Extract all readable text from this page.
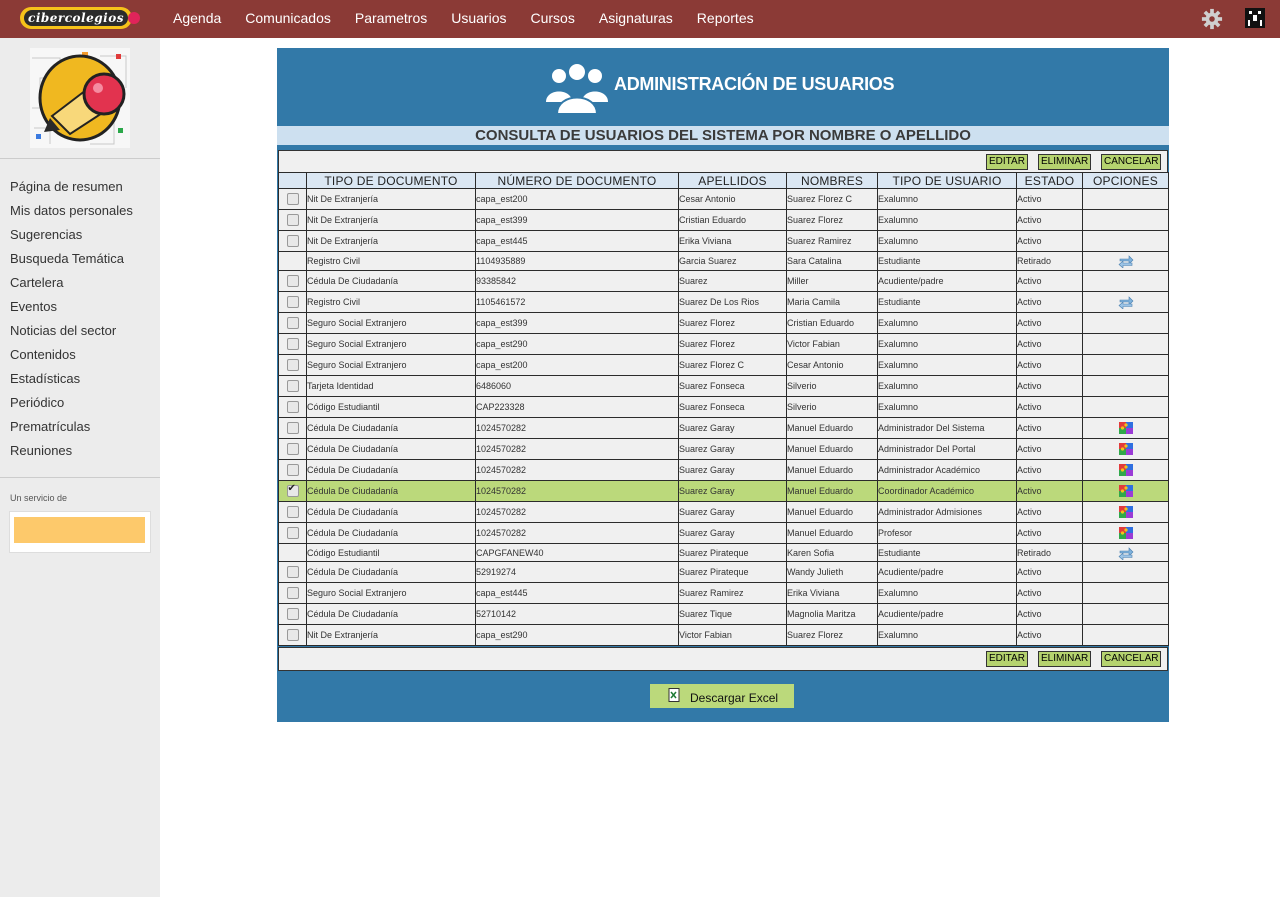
cibercolegios	Agenda	Comunicados	Parametros	Usuarios	Cursos	Asignaturas	Reportes
Página de resumen
Mis datos personales
Sugerencias
Busqueda Temática
Cartelera
Eventos
Noticias del sector
Contenidos
Estadísticas
Periódico
Prematrículas
Reuniones
Un servicio de
ADMINISTRACIÓN DE USUARIOS
CONSULTA DE USUARIOS DEL SISTEMA POR NOMBRE O APELLIDO
EDITAR	ELIMINAR	CANCELAR
	TIPO DE DOCUMENTO	NÚMERO DE DOCUMENTO	APELLIDOS	NOMBRES	TIPO DE USUARIO	ESTADO	OPCIONES

	Nit De Extranjería	capa_est200	Cesar Antonio	Suarez Florez C	Exalumno	Activo	

	Nit De Extranjería	capa_est399	Cristian Eduardo	Suarez Florez	Exalumno	Activo	

	Nit De Extranjería	capa_est445	Erika Viviana	Suarez Ramirez	Exalumno	Activo	
	Registro Civil	1104935889	Garcia Suarez	Sara Catalina	Estudiante	Retirado	

	Cédula De Ciudadanía	93385842	Suarez	Miller	Acudiente/padre	Activo	

	Registro Civil	1105461572	Suarez De Los Rios	Maria Camila	Estudiante	Activo	

	Seguro Social Extranjero	capa_est399	Suarez Florez	Cristian Eduardo	Exalumno	Activo	

	Seguro Social Extranjero	capa_est290	Suarez Florez	Victor Fabian	Exalumno	Activo	

	Seguro Social Extranjero	capa_est200	Suarez Florez C	Cesar Antonio	Exalumno	Activo	

	Tarjeta Identidad	6486060	Suarez Fonseca	Silverio	Exalumno	Activo	

	Código Estudiantil	CAP223328	Suarez Fonseca	Silverio	Exalumno	Activo	

	Cédula De Ciudadanía	1024570282	Suarez Garay	Manuel Eduardo	Administrador Del Sistema	Activo	

	Cédula De Ciudadanía	1024570282	Suarez Garay	Manuel Eduardo	Administrador Del Portal	Activo	

	Cédula De Ciudadanía	1024570282	Suarez Garay	Manuel Eduardo	Administrador Académico	Activo	

✔
	Cédula De Ciudadanía	1024570282	Suarez Garay	Manuel Eduardo	Coordinador Académico	Activo	

	Cédula De Ciudadanía	1024570282	Suarez Garay	Manuel Eduardo	Administrador Admisiones	Activo	

	Cédula De Ciudadanía	1024570282	Suarez Garay	Manuel Eduardo	Profesor	Activo	

	Código Estudiantil	CAPGFANEW40	Suarez Pirateque	Karen Sofia	Estudiante	Retirado	

	Cédula De Ciudadanía	52919274	Suarez Pirateque	Wandy Julieth	Acudiente/padre	Activo	

	Seguro Social Extranjero	capa_est445	Suarez Ramirez	Erika Viviana	Exalumno	Activo	

	Cédula De Ciudadanía	52710142	Suarez Tique	Magnolia Maritza	Acudiente/padre	Activo	

	Nit De Extranjería	capa_est290	Victor Fabian	Suarez Florez	Exalumno	Activo	
EDITAR	ELIMINAR	CANCELAR
Descargar Excel
